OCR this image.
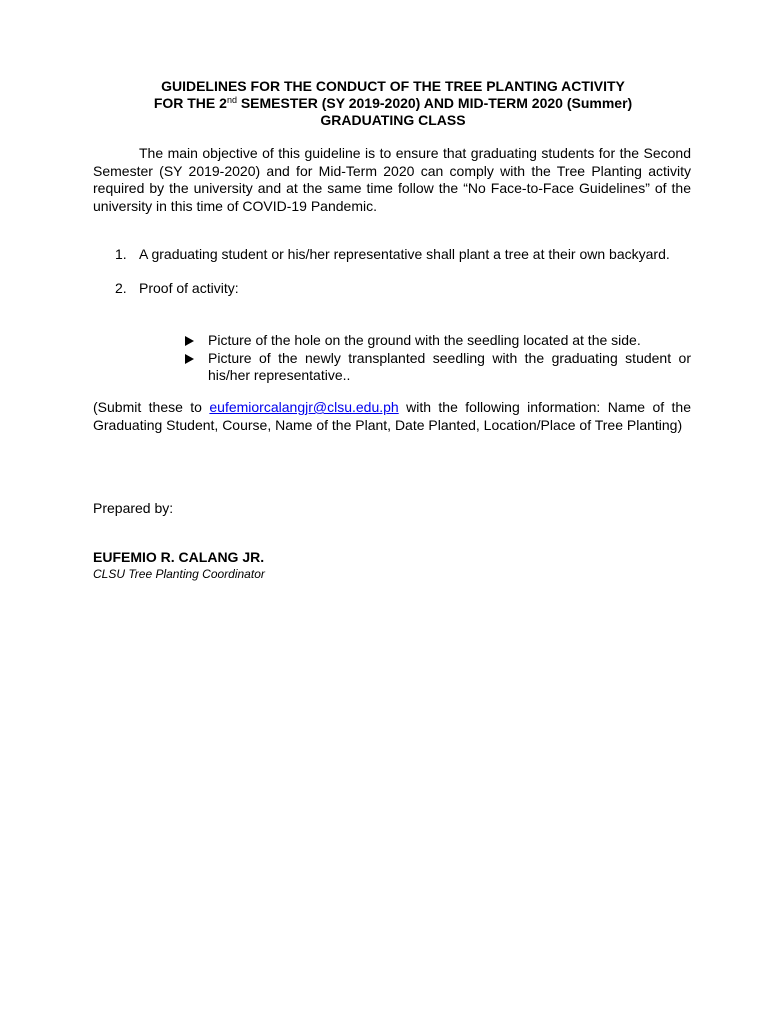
GUIDELINES FOR THE CONDUCT OF THE TREE PLANTING ACTIVITY
FOR THE 2nd SEMESTER (SY 2019-2020) AND MID-TERM 2020 (Summer)
GRADUATING CLASS

The main objective of this guideline is to ensure that graduating students for the Second Semester (SY 2019-2020) and for Mid-Term 2020 can comply with the Tree Planting activity required by the university and at the same time follow the “No Face-to-Face Guidelines” of the university in this time of COVID-19 Pandemic.

1. A graduating student or his/her representative shall plant a tree at their own backyard.
2. Proof of activity:
Picture of the hole on the ground with the seedling located at the side.
Picture of the newly transplanted seedling with the graduating student or his/her representative..

(Submit these to eufemiorcalangjr@clsu.edu.ph with the following information: Name of the Graduating Student, Course, Name of the Plant, Date Planted, Location/Place of Tree Planting)

Prepared by:
EUFEMIO R. CALANG JR.
CLSU Tree Planting Coordinator
